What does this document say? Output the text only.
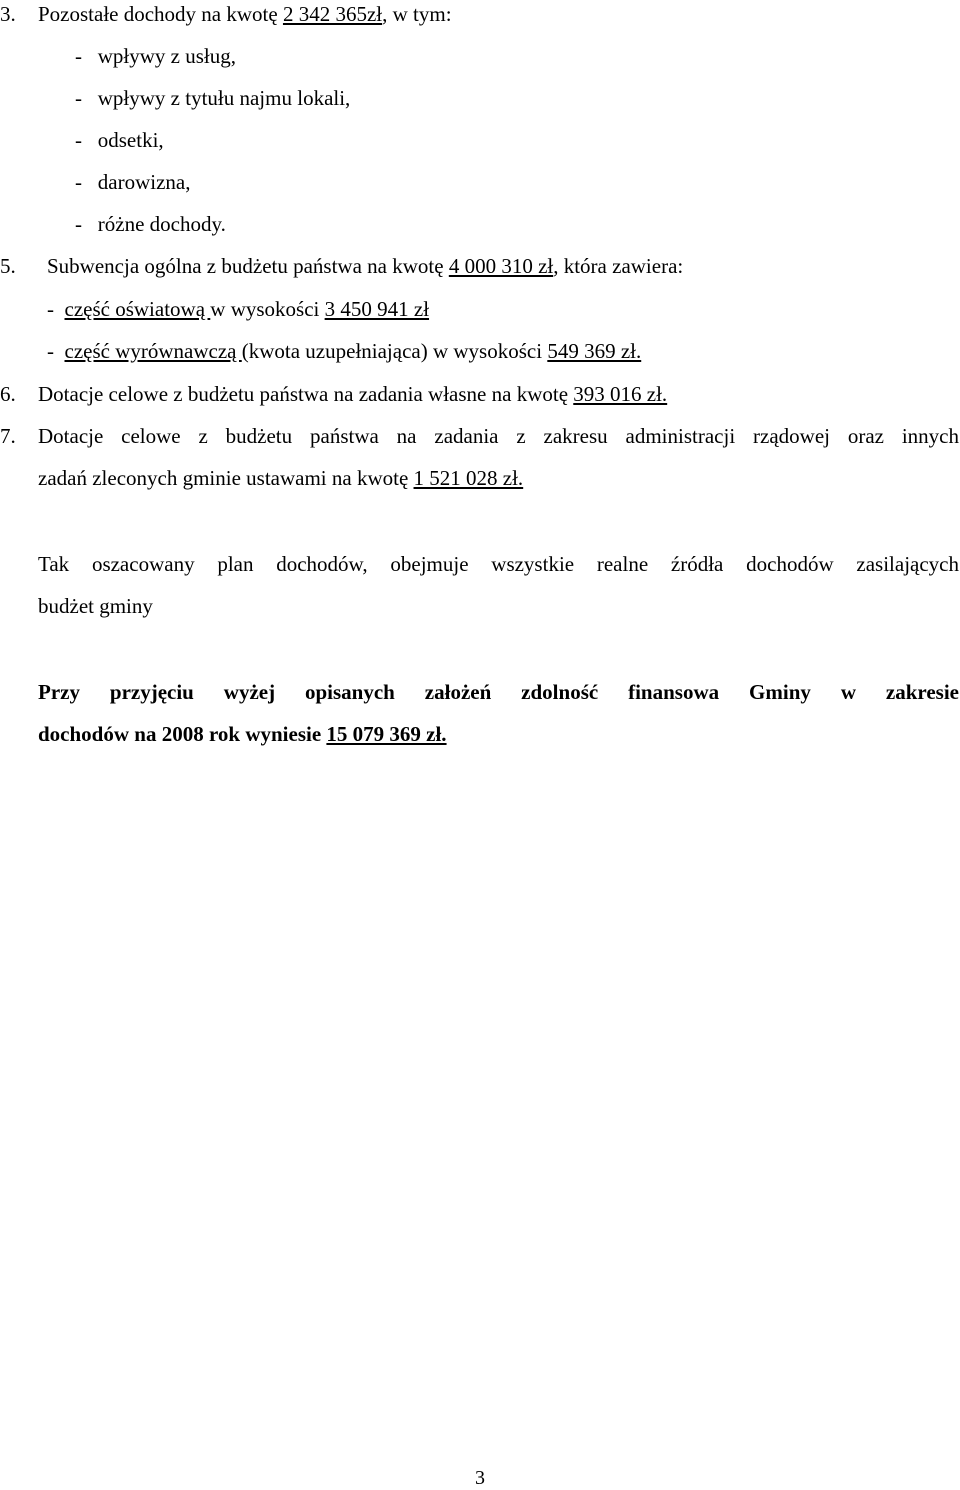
3. Pozostałe dochody na kwotę 2 342 365zł, w tym:
-   wpływy z usług,
-   wpływy z tytułu najmu lokali,
-   odsetki,
-   darowizna,
-   różne dochody.
5. Subwencja ogólna z budżetu państwa na kwotę 4 000 310 zł, która zawiera:
-  część oświatową w wysokości 3 450 941 zł
-  część wyrównawczą (kwota uzupełniająca) w wysokości 549 369 zł.
6. Dotacje celowe z budżetu państwa na zadania własne na kwotę 393 016 zł.
7. Dotacje celowe z budżetu państwa na zadania z zakresu administracji rządowej oraz innych
zadań zleconych gminie ustawami na kwotę 1 521 028 zł.
Tak oszacowany plan dochodów, obejmuje wszystkie realne źródła dochodów zasilających
budżet gminy
Przy przyjęciu wyżej opisanych założeń zdolność finansowa Gminy w zakresie
dochodów na 2008 rok wyniesie 15 079 369 zł.
3
